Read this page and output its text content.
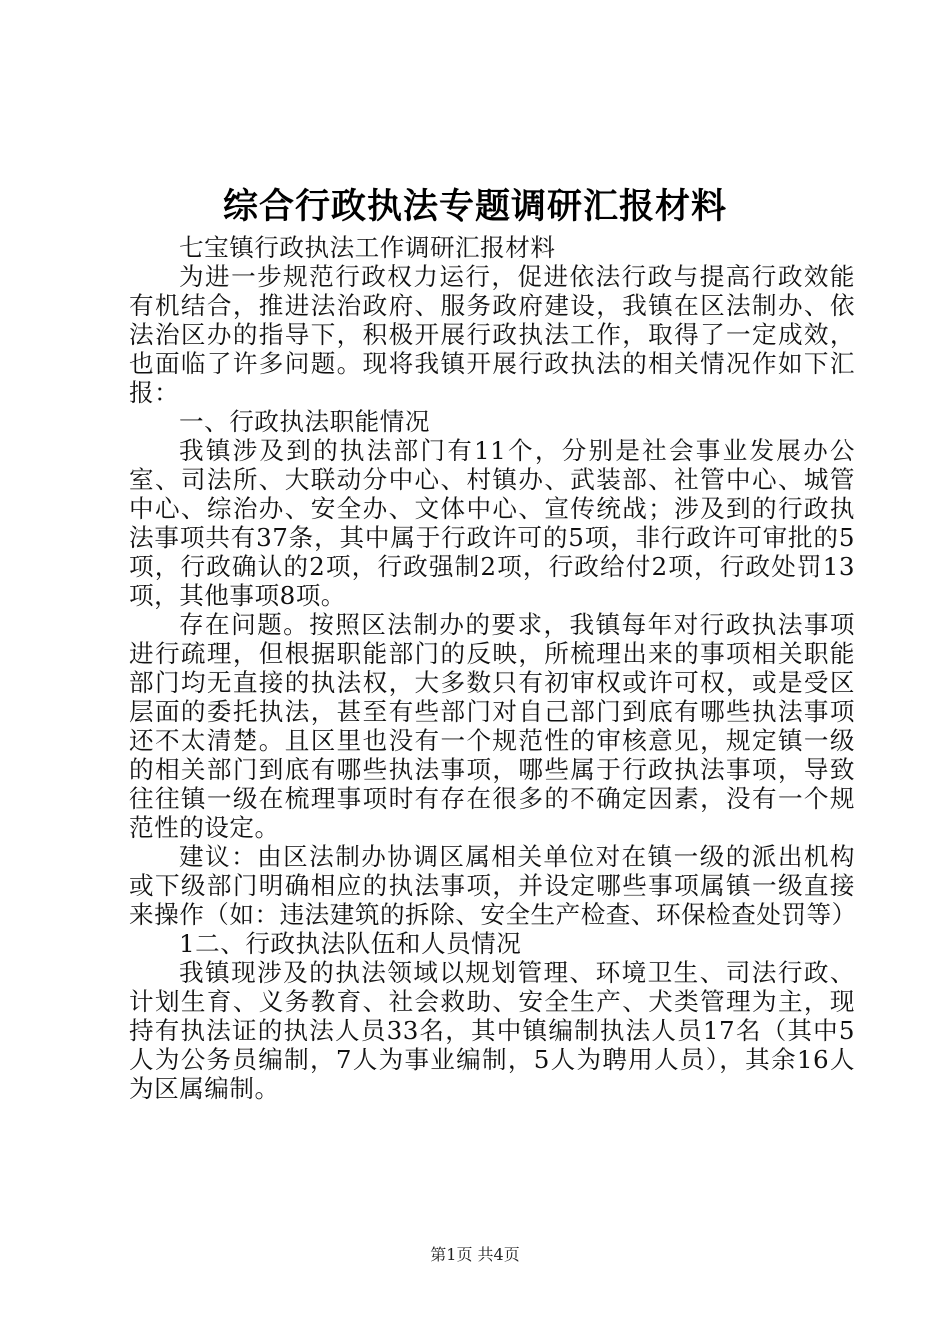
综合行政执法专题调研汇报材料

七宝镇行政执法工作调研汇报材料

为进一步规范行政权力运行，促进依法行政与提高行政效能有机结合，推进法治政府、服务政府建设，我镇在区法制办、依法治区办的指导下，积极开展行政执法工作，取得了一定成效，也面临了许多问题。现将我镇开展行政执法的相关情况作如下汇报：

一、行政执法职能情况

我镇涉及到的执法部门有11个，分别是社会事业发展办公室、司法所、大联动分中心、村镇办、武装部、社管中心、城管中心、综治办、安全办、文体中心、宣传统战；涉及到的行政执法事项共有37条，其中属于行政许可的5项，非行政许可审批的5项，行政确认的2项，行政强制2项，行政给付2项，行政处罚13项，其他事项8项。

存在问题。按照区法制办的要求，我镇每年对行政执法事项进行疏理，但根据职能部门的反映，所梳理出来的事项相关职能部门均无直接的执法权，大多数只有初审权或许可权，或是受区层面的委托执法，甚至有些部门对自己部门到底有哪些执法事项还不太清楚。且区里也没有一个规范性的审核意见，规定镇一级的相关部门到底有哪些执法事项，哪些属于行政执法事项，导致往往镇一级在梳理事项时有存在很多的不确定因素，没有一个规范性的设定。

建议：由区法制办协调区属相关单位对在镇一级的派出机构或下级部门明确相应的执法事项，并设定哪些事项属镇一级直接来操作（如：违法建筑的拆除、安全生产检查、环保检查处罚等）

1二、行政执法队伍和人员情况

我镇现涉及的执法领域以规划管理、环境卫生、司法行政、计划生育、义务教育、社会救助、安全生产、犬类管理为主，现持有执法证的执法人员33名，其中镇编制执法人员17名（其中5人为公务员编制，7人为事业编制，5人为聘用人员），其余16人为区属编制。

第1页 共4页
